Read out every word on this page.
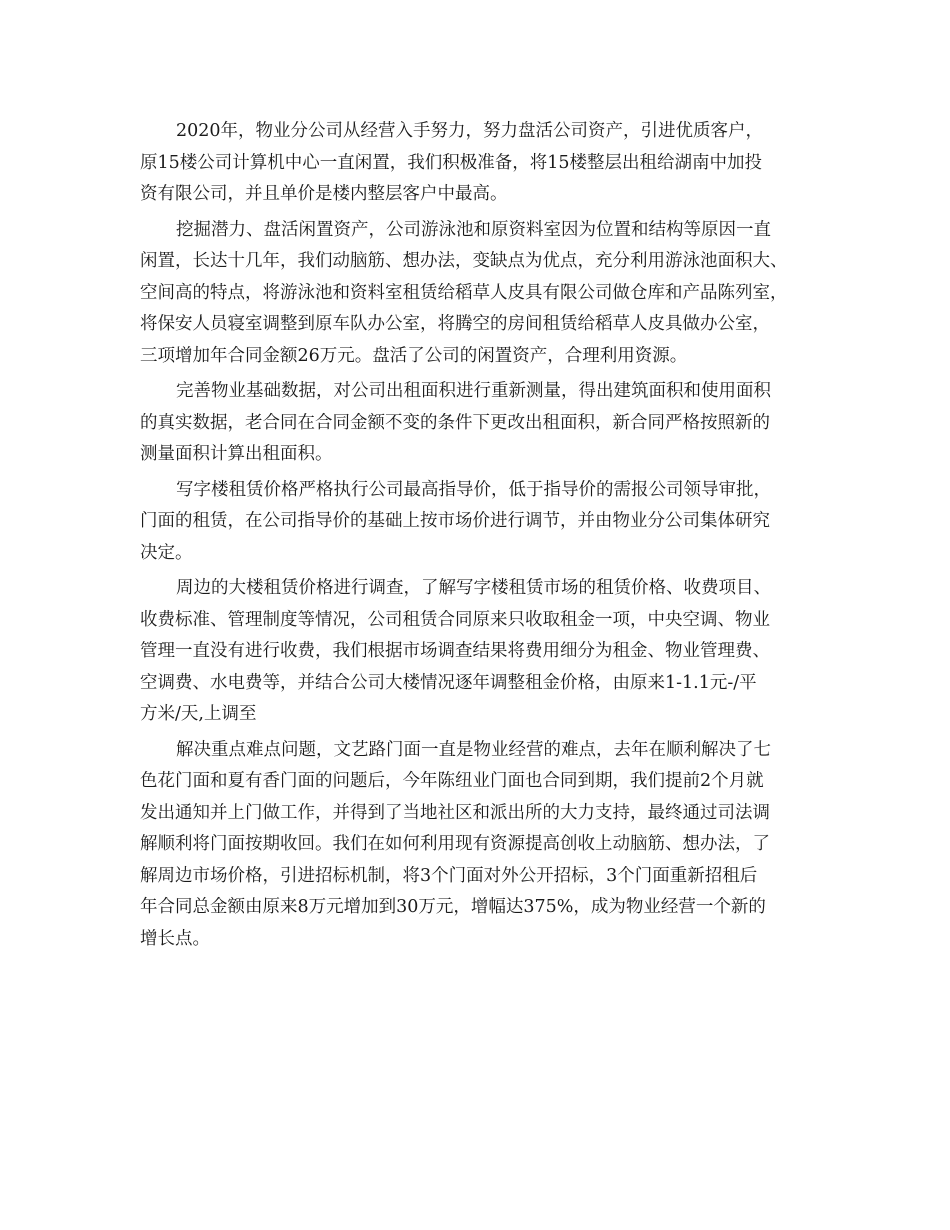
2020年，物业分公司从经营入手努力，努力盘活公司资产，引进优质客户，
原15楼公司计算机中心一直闲置，我们积极准备，将15楼整层出租给湖南中加投
资有限公司，并且单价是楼内整层客户中最高。

挖掘潜力、盘活闲置资产，公司游泳池和原资料室因为位置和结构等原因一直
闲置，长达十几年，我们动脑筋、想办法，变缺点为优点，充分利用游泳池面积大、
空间高的特点，将游泳池和资料室租赁给稻草人皮具有限公司做仓库和产品陈列室，
将保安人员寝室调整到原车队办公室，将腾空的房间租赁给稻草人皮具做办公室，
三项增加年合同金额26万元。盘活了公司的闲置资产，合理利用资源。

完善物业基础数据，对公司出租面积进行重新测量，得出建筑面积和使用面积
的真实数据，老合同在合同金额不变的条件下更改出租面积，新合同严格按照新的
测量面积计算出租面积。

写字楼租赁价格严格执行公司最高指导价，低于指导价的需报公司领导审批，
门面的租赁，在公司指导价的基础上按市场价进行调节，并由物业分公司集体研究
决定。

周边的大楼租赁价格进行调查，了解写字楼租赁市场的租赁价格、收费项目、
收费标准、管理制度等情况，公司租赁合同原来只收取租金一项，中央空调、物业
管理一直没有进行收费，我们根据市场调查结果将费用细分为租金、物业管理费、
空调费、水电费等，并结合公司大楼情况逐年调整租金价格，由原来1-1.1元-/平
方米/天,上调至

解决重点难点问题，文艺路门面一直是物业经营的难点，去年在顺利解决了七
色花门面和夏有香门面的问题后，今年陈纽业门面也合同到期，我们提前2个月就
发出通知并上门做工作，并得到了当地社区和派出所的大力支持，最终通过司法调
解顺利将门面按期收回。我们在如何利用现有资源提高创收上动脑筋、想办法，了
解周边市场价格，引进招标机制，将3个门面对外公开招标，3个门面重新招租后
年合同总金额由原来8万元增加到30万元，增幅达375%，成为物业经营一个新的
增长点。
